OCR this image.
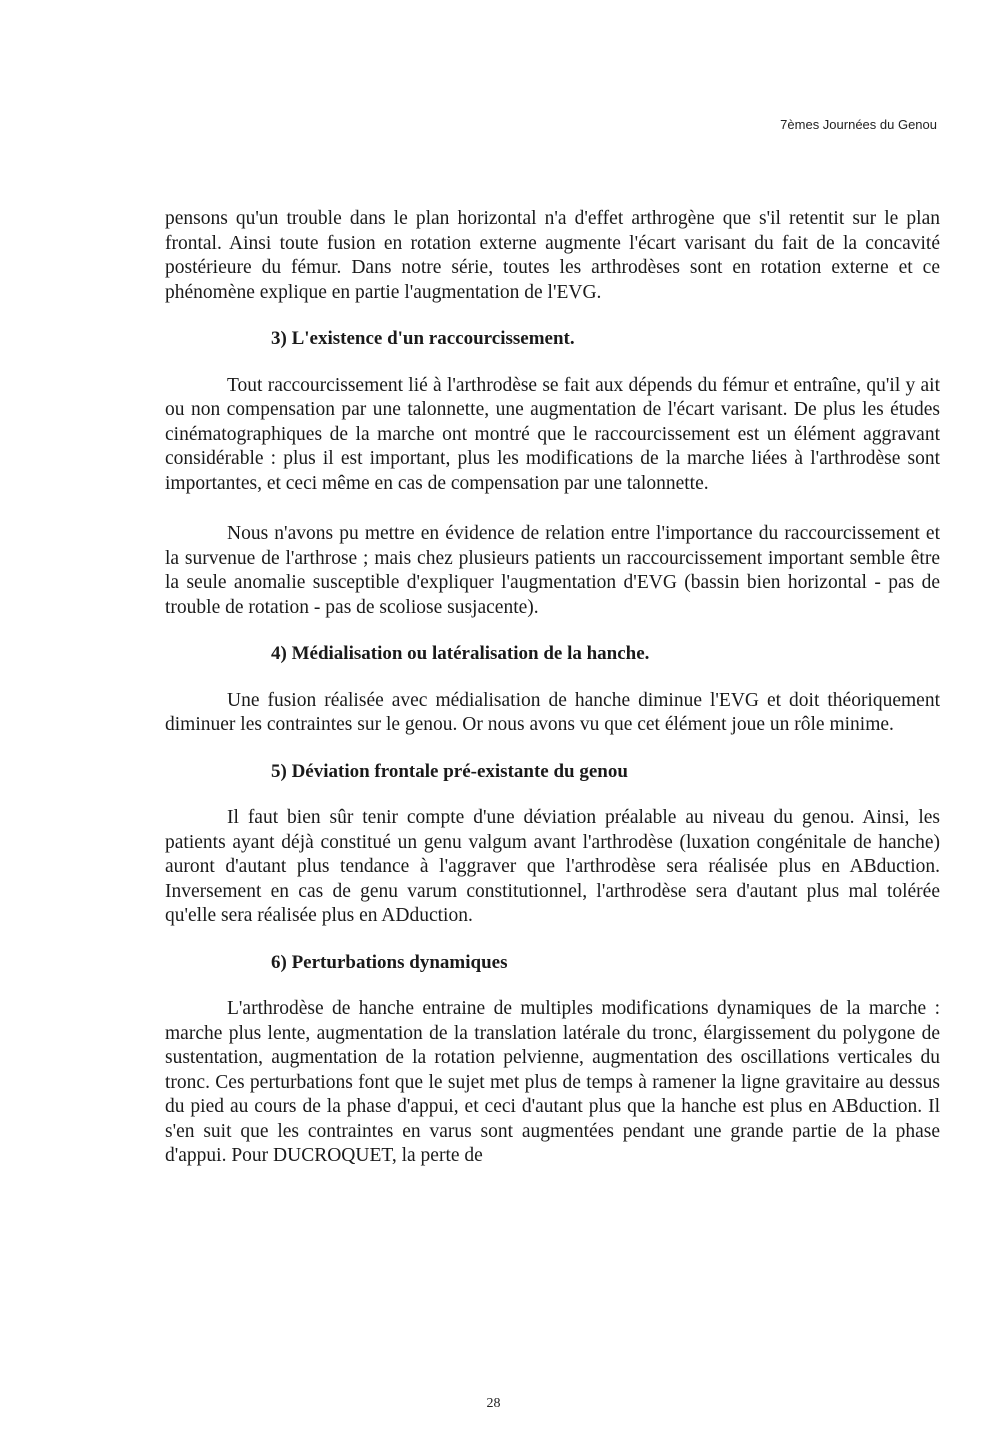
7èmes Journées du Genou

pensons qu'un trouble dans le plan horizontal n'a d'effet arthrogène que s'il retentit sur le plan frontal. Ainsi toute fusion en rotation externe augmente l'écart varisant du fait de la concavité postérieure du fémur. Dans notre série, toutes les arthrodèses sont en rotation externe et ce phénomène explique en partie l'augmentation de l'EVG.

3) L'existence d'un raccourcissement.

Tout raccourcissement lié à l'arthrodèse se fait aux dépends du fémur et entraîne, qu'il y ait ou non compensation par une talonnette, une augmentation de l'écart varisant. De plus les études cinématographiques de la marche ont montré que le raccourcissement est un élément aggravant considérable : plus il est important, plus les modifications de la marche liées à l'arthrodèse sont importantes, et ceci même en cas de compensation par une talonnette.

Nous n'avons pu mettre en évidence de relation entre l'importance du raccourcissement et la survenue de l'arthrose ; mais chez plusieurs patients un raccourcissement important semble être la seule anomalie susceptible d'expliquer l'augmentation d'EVG (bassin bien horizontal - pas de trouble de rotation - pas de scoliose susjacente).

4) Médialisation ou latéralisation de la hanche.

Une fusion réalisée avec médialisation de hanche diminue l'EVG et doit théoriquement diminuer les contraintes sur le genou. Or nous avons vu que cet élément joue un rôle minime.

5) Déviation frontale pré-existante du genou

Il faut bien sûr tenir compte d'une déviation préalable au niveau du genou. Ainsi, les patients ayant déjà constitué un genu valgum avant l'arthrodèse (luxation congénitale de hanche) auront d'autant plus tendance à l'aggraver que l'arthrodèse sera réalisée plus en ABduction. Inversement en cas de genu varum constitutionnel, l'arthrodèse sera d'autant plus mal tolérée qu'elle sera réalisée plus en ADduction.

6) Perturbations dynamiques

L'arthrodèse de hanche entraine de multiples modifications dynamiques de la marche : marche plus lente, augmentation de la translation latérale du tronc, élargissement du polygone de sustentation, augmentation de la rotation pelvienne, augmentation des oscillations verticales du tronc. Ces perturbations font que le sujet met plus de temps à ramener la ligne gravitaire au dessus du pied au cours de la phase d'appui, et ceci d'autant plus que la hanche est plus en ABduction. Il s'en suit que les contraintes en varus sont augmentées pendant une grande partie de la phase d'appui. Pour DUCROQUET, la perte de

28
